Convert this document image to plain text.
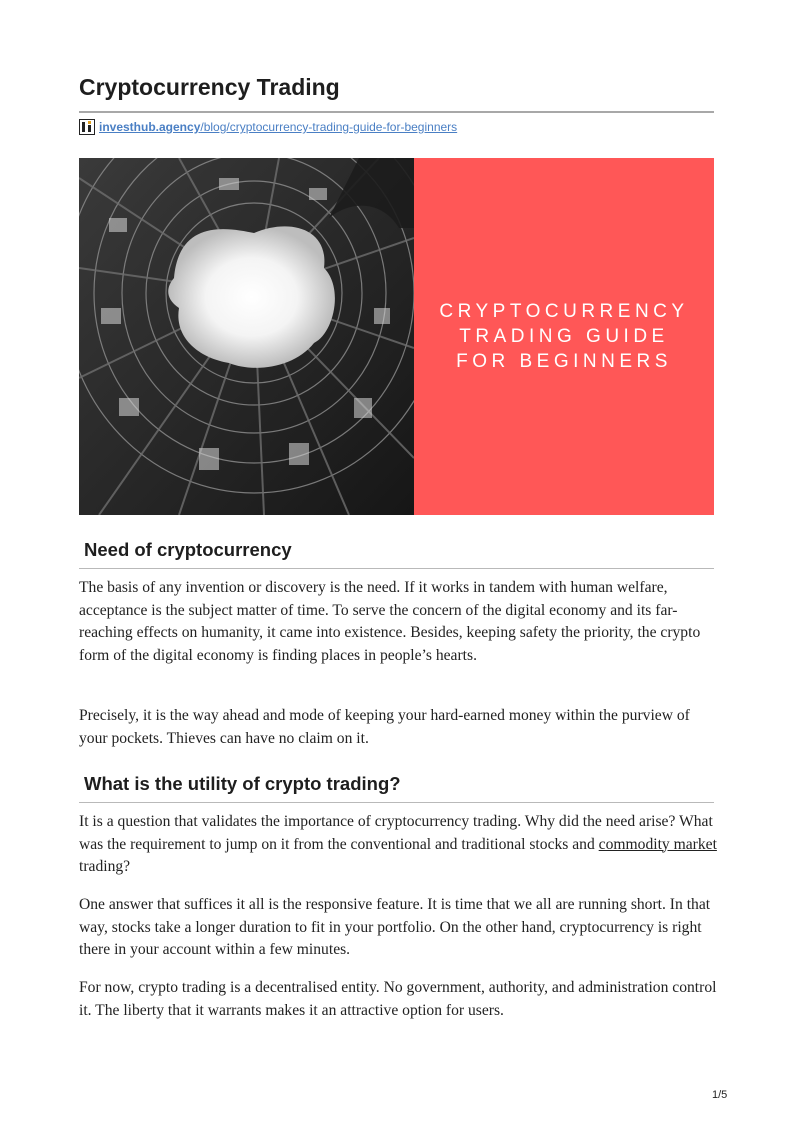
Cryptocurrency Trading
investhub.agency /blog/cryptocurrency-trading-guide-for-beginners
CRYPTOCURRENCY
TRADING GUIDE
FOR BEGINNERS
Need of cryptocurrency

The basis of any invention or discovery is the need. If it works in tandem with human welfare, acceptance is the subject matter of time. To serve the concern of the digital economy and its far-reaching effects on humanity, it came into existence. Besides, keeping safety the priority, the crypto form of the digital economy is finding places in people’s hearts.

Precisely, it is the way ahead and mode of keeping your hard-earned money within the purview of your pockets. Thieves can have no claim on it.

What is the utility of crypto trading?

It is a question that validates the importance of cryptocurrency trading. Why did the need arise? What was the requirement to jump on it from the conventional and traditional stocks and commodity market trading?

One answer that suffices it all is the responsive feature. It is time that we all are running short. In that way, stocks take a longer duration to fit in your portfolio. On the other hand, cryptocurrency is right there in your account within a few minutes.

For now, crypto trading is a decentralised entity. No government, authority, and administration control it. The liberty that it warrants makes it an attractive option for users.

1/5
